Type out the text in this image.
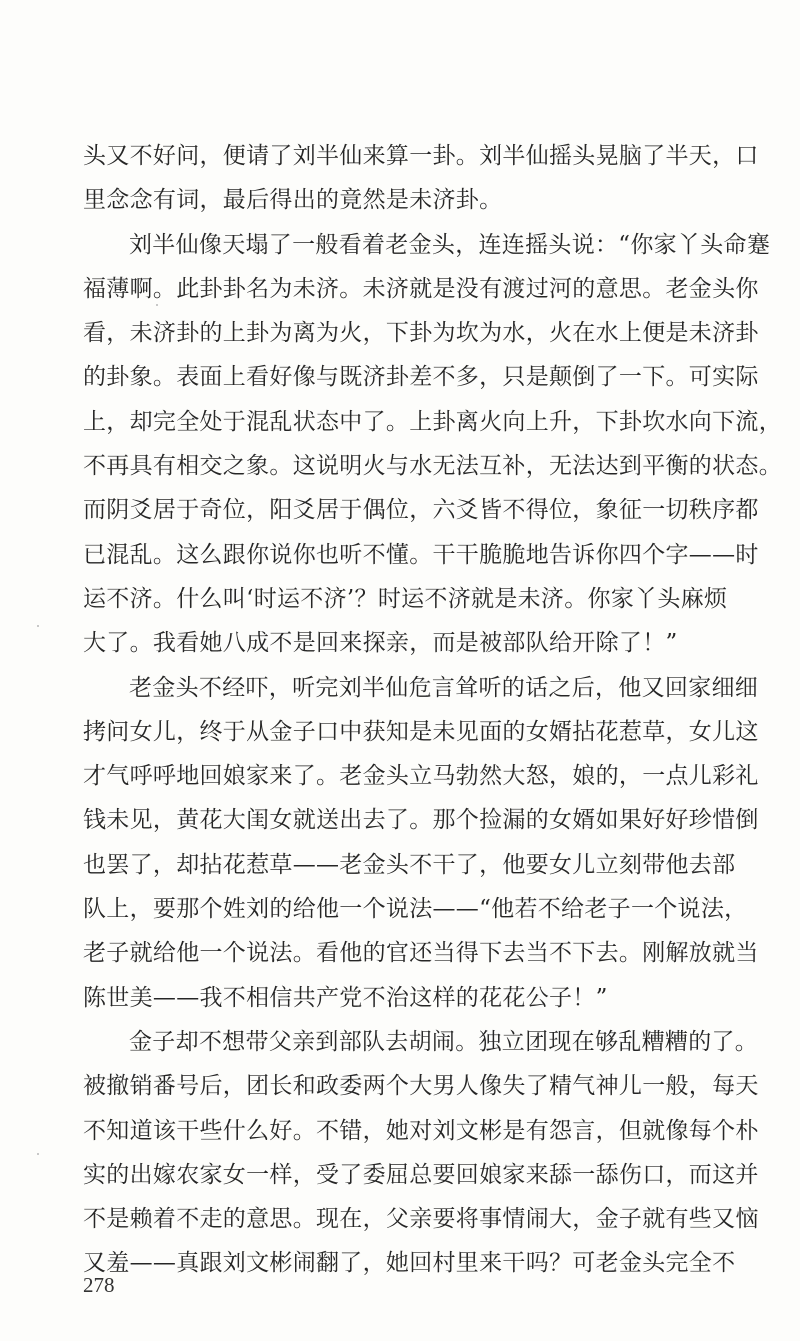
头又不好问，便请了刘半仙来算一卦。刘半仙摇头晃脑了半天，口
里念念有词，最后得出的竟然是未济卦。
刘半仙像天塌了一般看着老金头，连连摇头说：“你家丫头命蹇
福薄啊。此卦卦名为未济。未济就是没有渡过河的意思。老金头你
看，未济卦的上卦为离为火，下卦为坎为水，火在水上便是未济卦
的卦象。表面上看好像与既济卦差不多，只是颠倒了一下。可实际
上，却完全处于混乱状态中了。上卦离火向上升，下卦坎水向下流，
不再具有相交之象。这说明火与水无法互补，无法达到平衡的状态。
而阴爻居于奇位，阳爻居于偶位，六爻皆不得位，象征一切秩序都
已混乱。这么跟你说你也听不懂。干干脆脆地告诉你四个字——时
运不济。什么叫‘时运不济’？时运不济就是未济。你家丫头麻烦
大了。我看她八成不是回来探亲，而是被部队给开除了！”
老金头不经吓，听完刘半仙危言耸听的话之后，他又回家细细
拷问女儿，终于从金子口中获知是未见面的女婿拈花惹草，女儿这
才气呼呼地回娘家来了。老金头立马勃然大怒，娘的，一点儿彩礼
钱未见，黄花大闺女就送出去了。那个捡漏的女婿如果好好珍惜倒
也罢了，却拈花惹草——老金头不干了，他要女儿立刻带他去部
队上，要那个姓刘的给他一个说法——“他若不给老子一个说法，
老子就给他一个说法。看他的官还当得下去当不下去。刚解放就当
陈世美——我不相信共产党不治这样的花花公子！”
金子却不想带父亲到部队去胡闹。独立团现在够乱糟糟的了。
被撤销番号后，团长和政委两个大男人像失了精气神儿一般，每天
不知道该干些什么好。不错，她对刘文彬是有怨言，但就像每个朴
实的出嫁农家女一样，受了委屈总要回娘家来舔一舔伤口，而这并
不是赖着不走的意思。现在，父亲要将事情闹大，金子就有些又恼
又羞——真跟刘文彬闹翻了，她回村里来干吗？可老金头完全不
278
